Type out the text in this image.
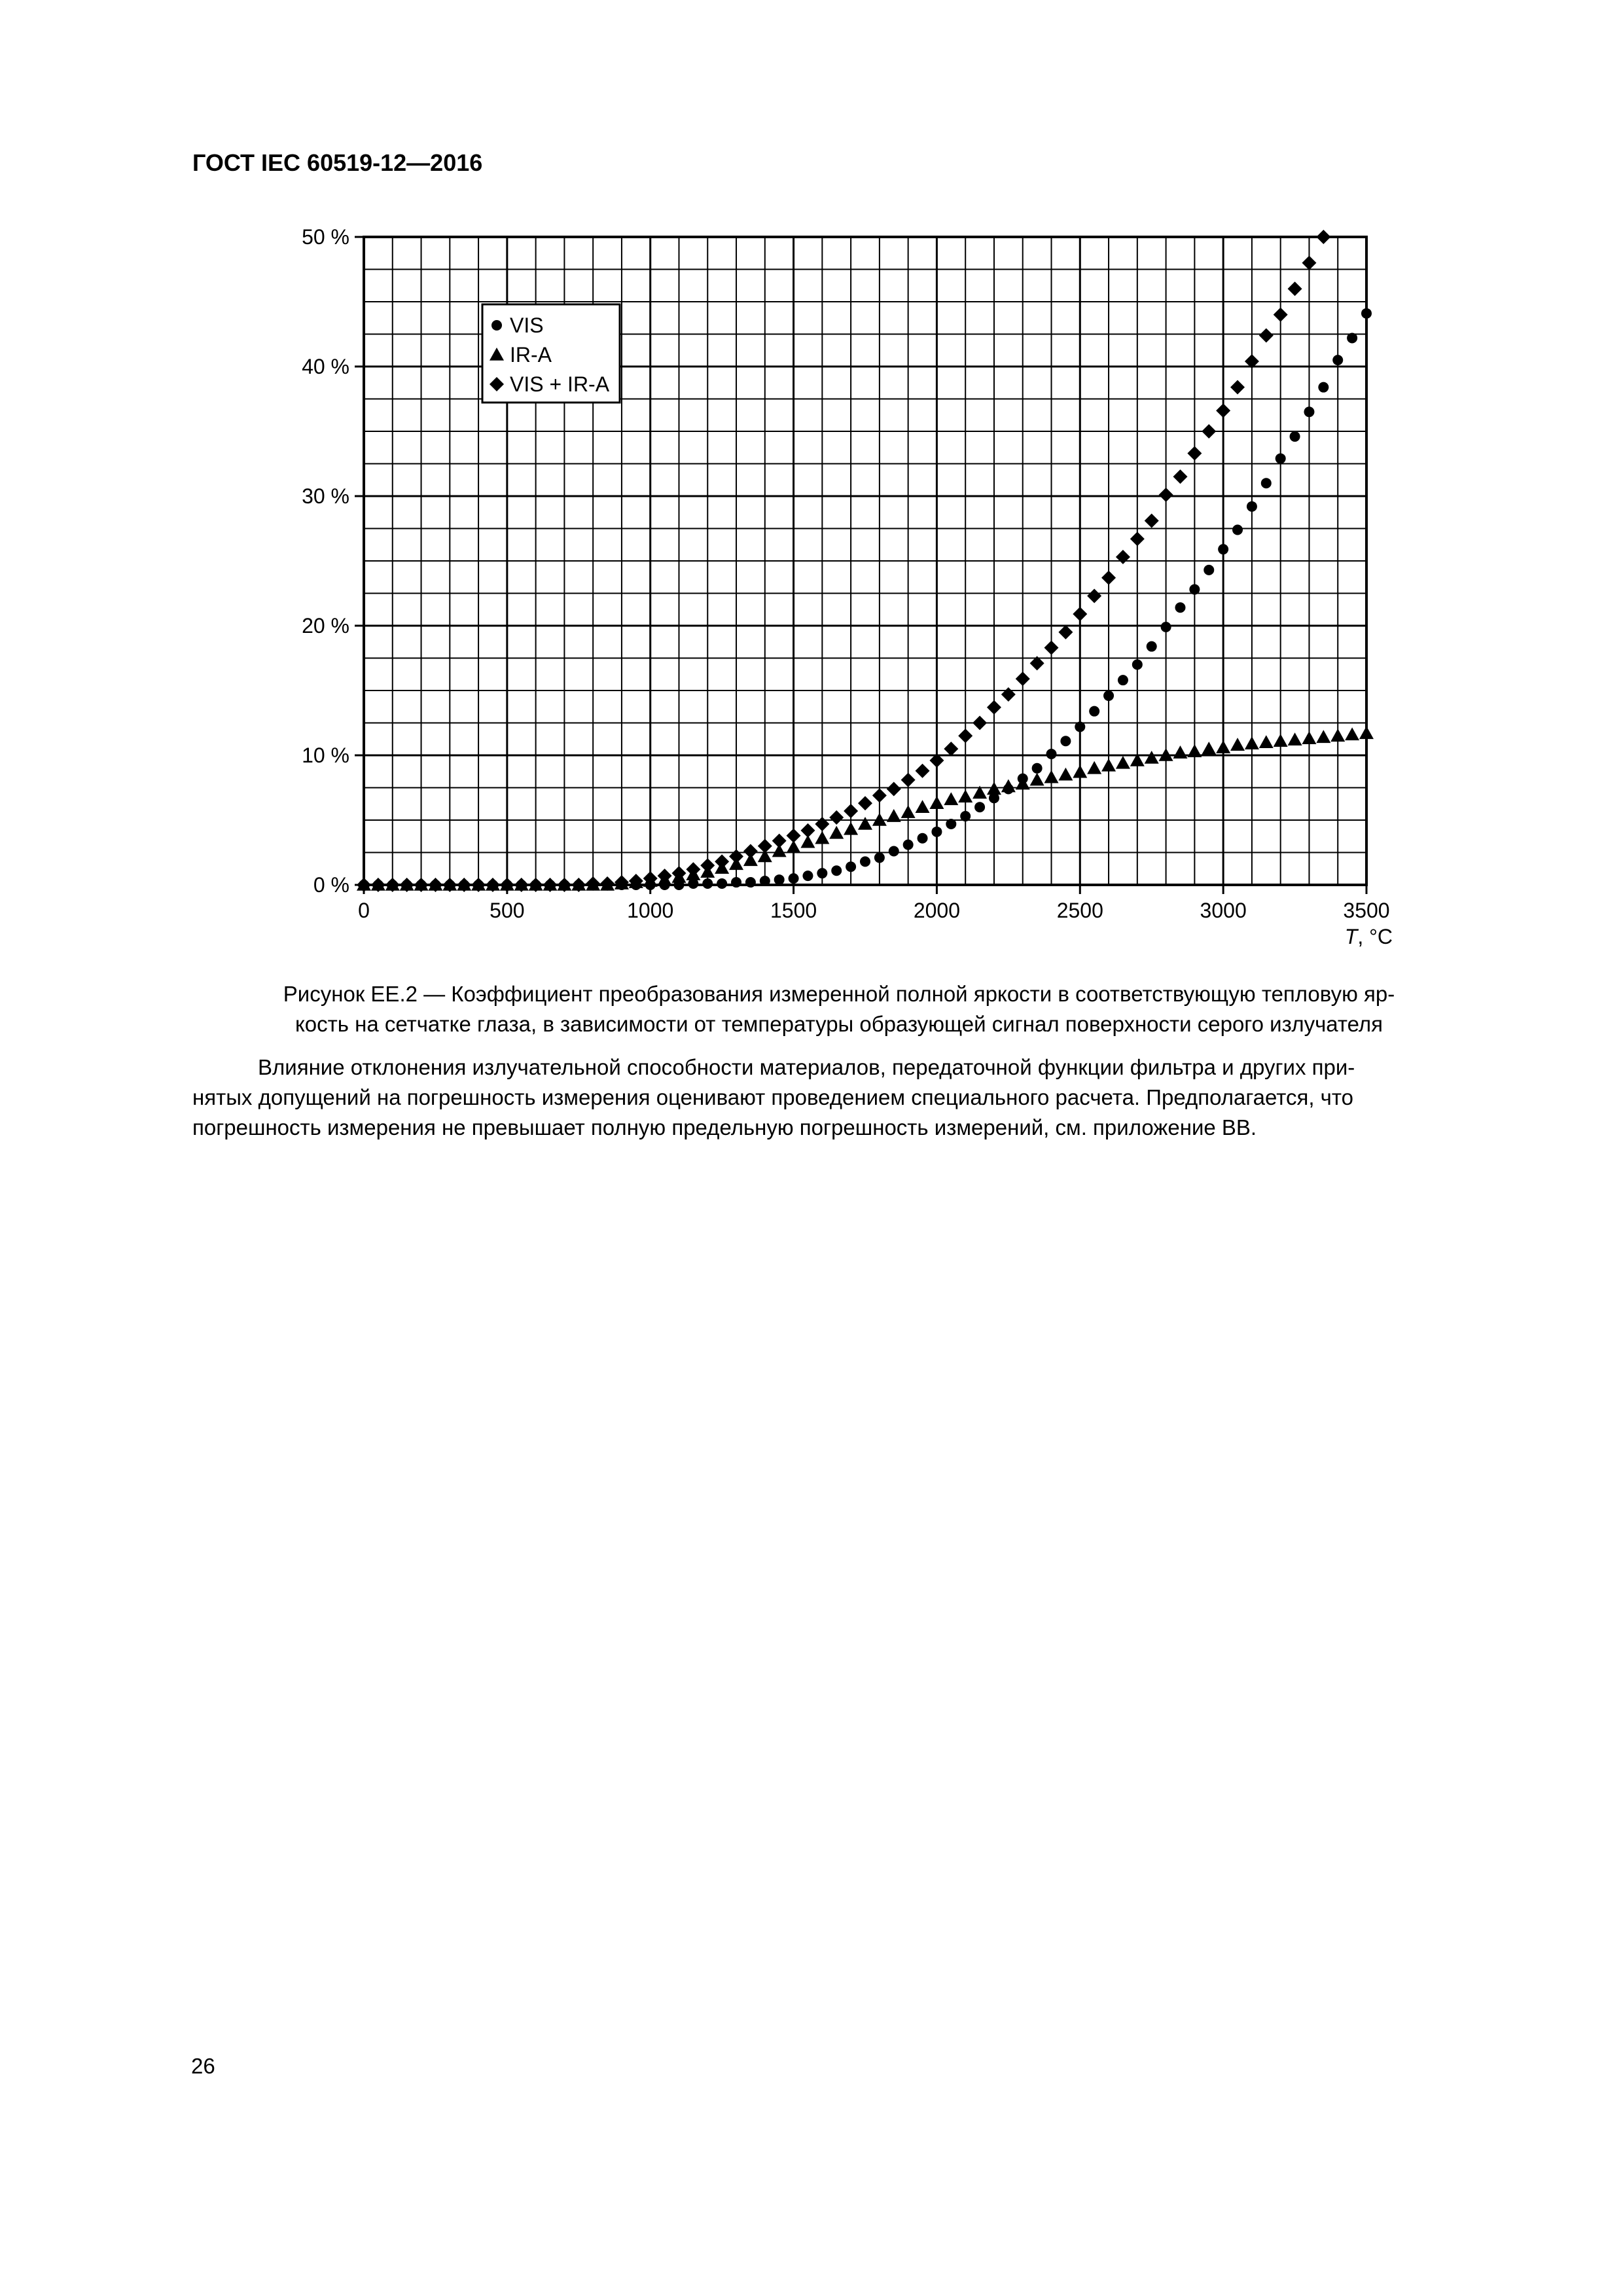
ГОСТ IEC 60519-12—2016

0	500	1000	1500	2000	2500	3000	3500
0 %
10 %
20 %
30 %
40 %
50 %
T, °C
VIS
IR-A
VIS + IR-A

Рисунок ЕЕ.2 — Коэффициент преобразования измеренной полной яркости в соответствующую тепловую яр-
кость на сетчатке глаза, в зависимости от температуры образующей сигнал поверхности серого излучателя

Влияние отклонения излучательной способности материалов, передаточной функции фильтра и других при-
нятых допущений на погрешность измерения оценивают проведением специального расчета. Предполагается, что
погрешность измерения не превышает полную предельную погрешность измерений, см. приложение ВВ.

26
